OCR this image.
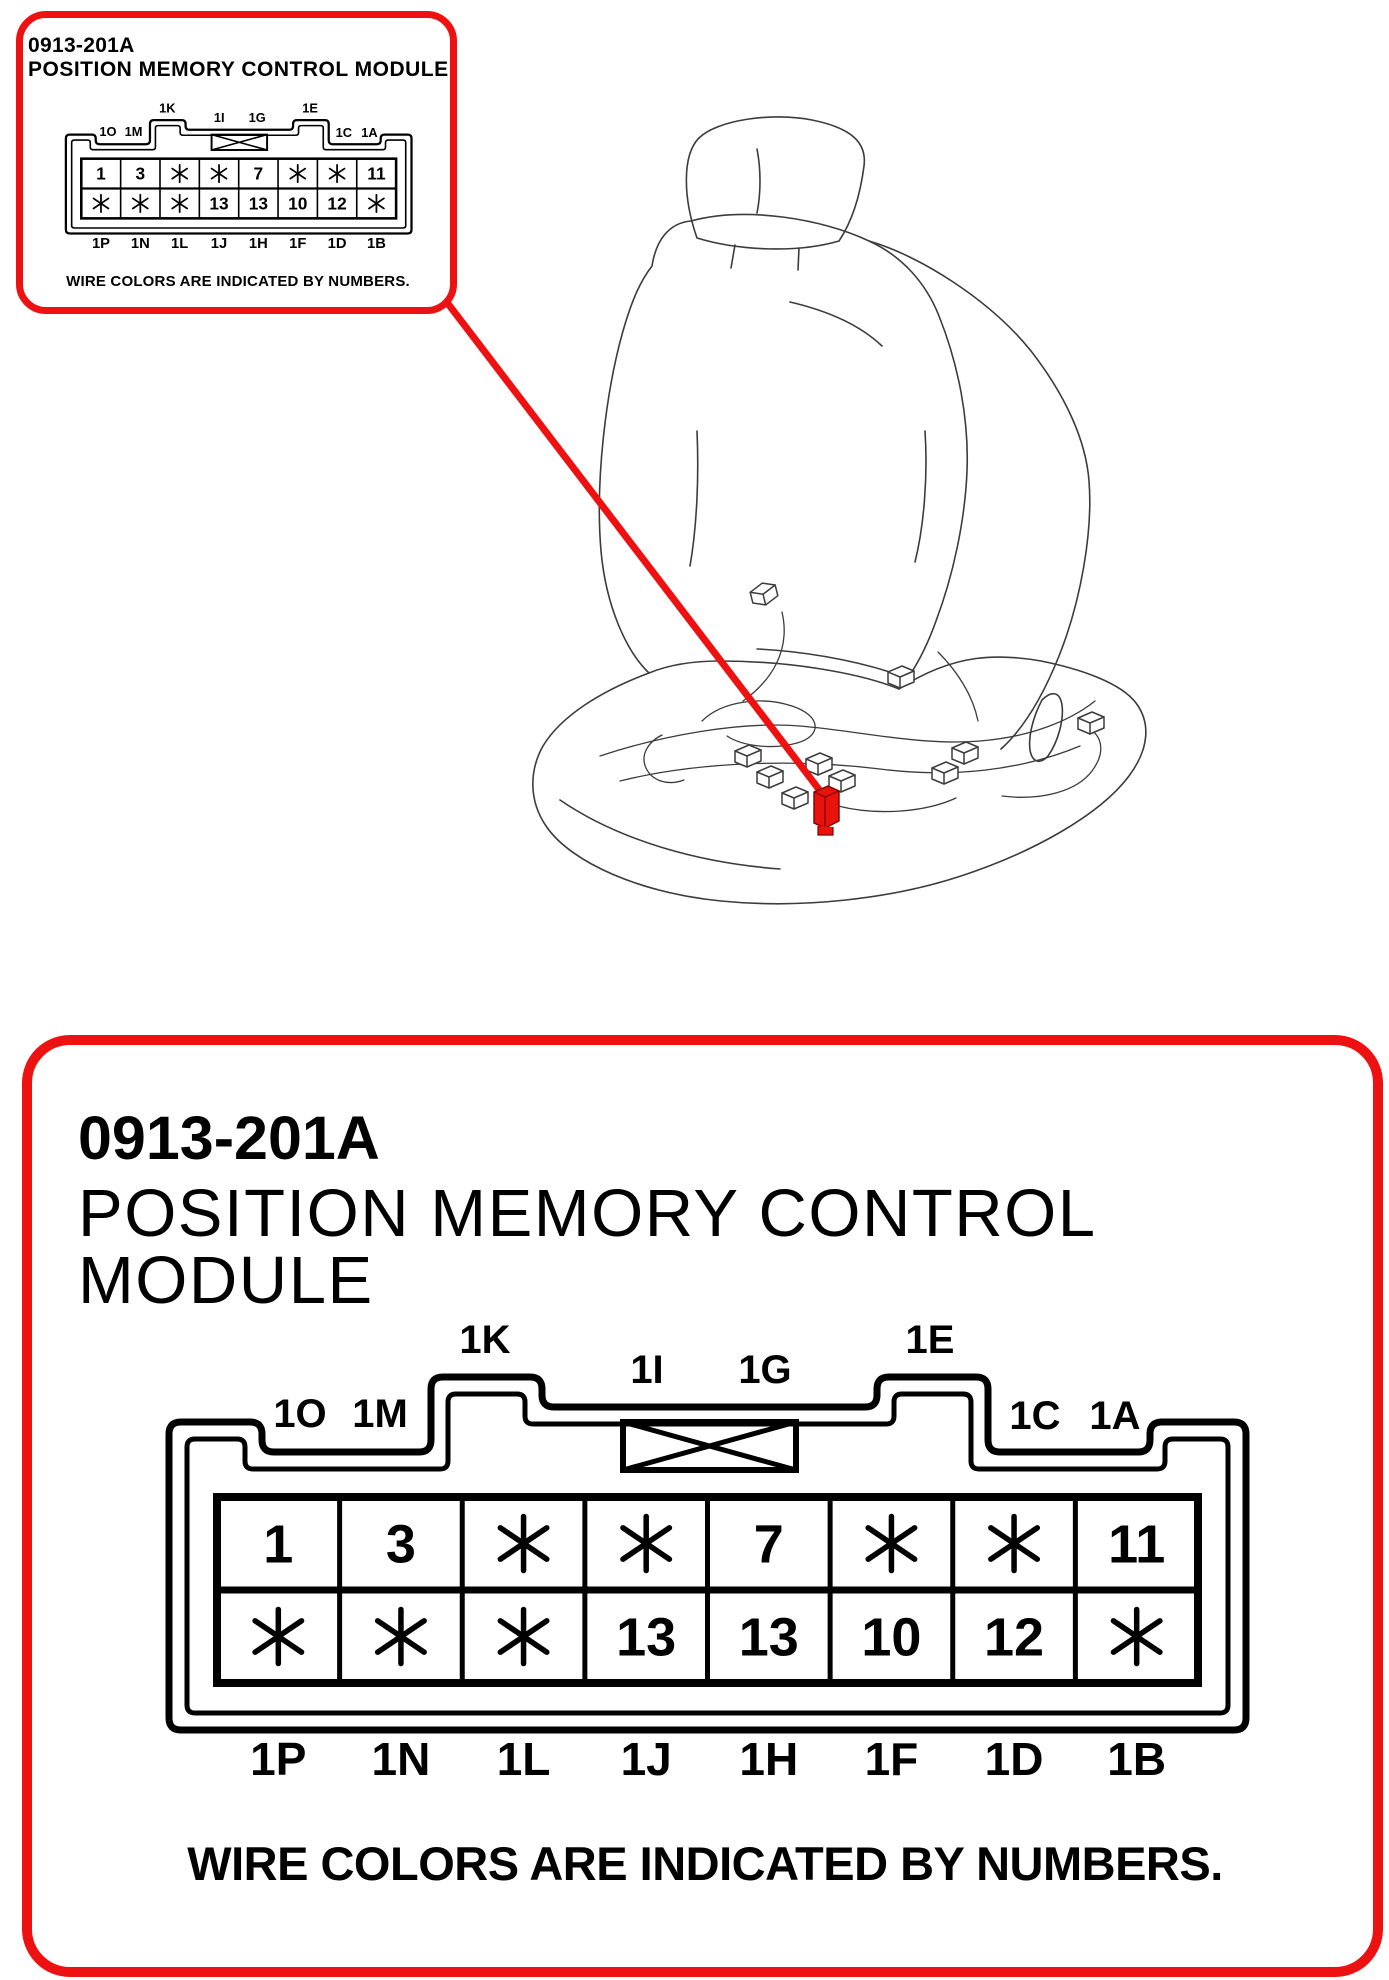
0913-201A
POSITION MEMORY CONTROL MODULE
1 3 7 11
13 13 10 12
1O 1M
1K
1I 1G
1E
1C 1A
1P 1N 1L 1J 1H 1F 1D 1B
WIRE COLORS ARE INDICATED BY NUMBERS.
0913-201A
POSITION MEMORY CONTROL MODULE
1 3	7	11
13 13 10 12
1O 1M
1K
1I 1G
1E
1C 1A
1P 1N 1L 1J 1H 1F 1D 1B
WIRE COLORS ARE INDICATED BY NUMBERS.
